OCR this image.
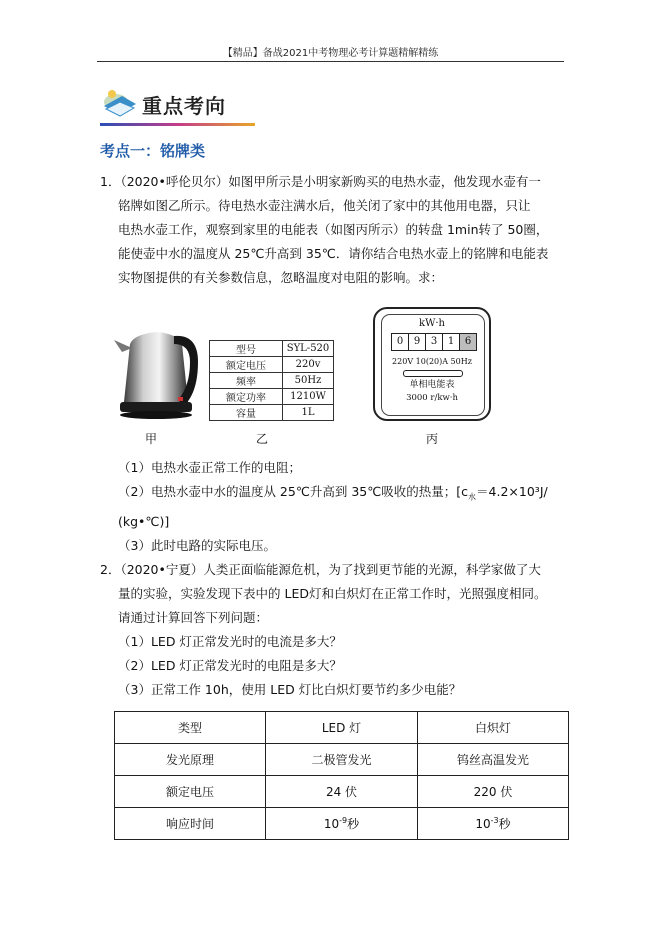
【精品】备战2021中考物理必考计算题精解精练
重点考向
考点一：铭牌类
1．（2020•呼伦贝尔）如图甲所示是小明家新购买的电热水壶，他发现水壶有一
铭牌如图乙所示。待电热水壶注满水后，他关闭了家中的其他用电器，只让
电热水壶工作，观察到家里的电能表（如图丙所示）的转盘 1min转了 50圈，
能使壶中水的温度从 25℃升高到 35℃．请你结合电热水壶上的铭牌和电能表
实物图提供的有关参数信息，忽略温度对电阻的影响。求：
甲
型号	SYL-520
额定电压	220v
频率	50Hz
额定功率	1210W
容量	1L
乙
kW·h
0	9	3	1	6
220V 10(20)A 50Hz
单相电能表
3000 r/kw·h
丙
（1）电热水壶正常工作的电阻；
（2）电热水壶中水的温度从 25℃升高到 35℃吸收的热量；[$c_水=4.2\times 10^3J/$
(kg•℃)]
（3）此时电路的实际电压。
2．（2020•宁夏）人类正面临能源危机，为了找到更节能的光源，科学家做了大
量的实验，实验发现下表中的 LED灯和白炽灯在正常工作时，光照强度相同。
请通过计算回答下列问题：
（1）LED 灯正常发光时的电流是多大？
（2）LED 灯正常发光时的电阻是多大？
（3）正常工作 10h，使用 LED 灯比白炽灯要节约多少电能？
类型	LED 灯	白炽灯
发光原理	二极管发光	钨丝高温发光
额定电压	24 伏	220 伏
响应时间	$10^{-9}$秒	$10^{-3}$秒
